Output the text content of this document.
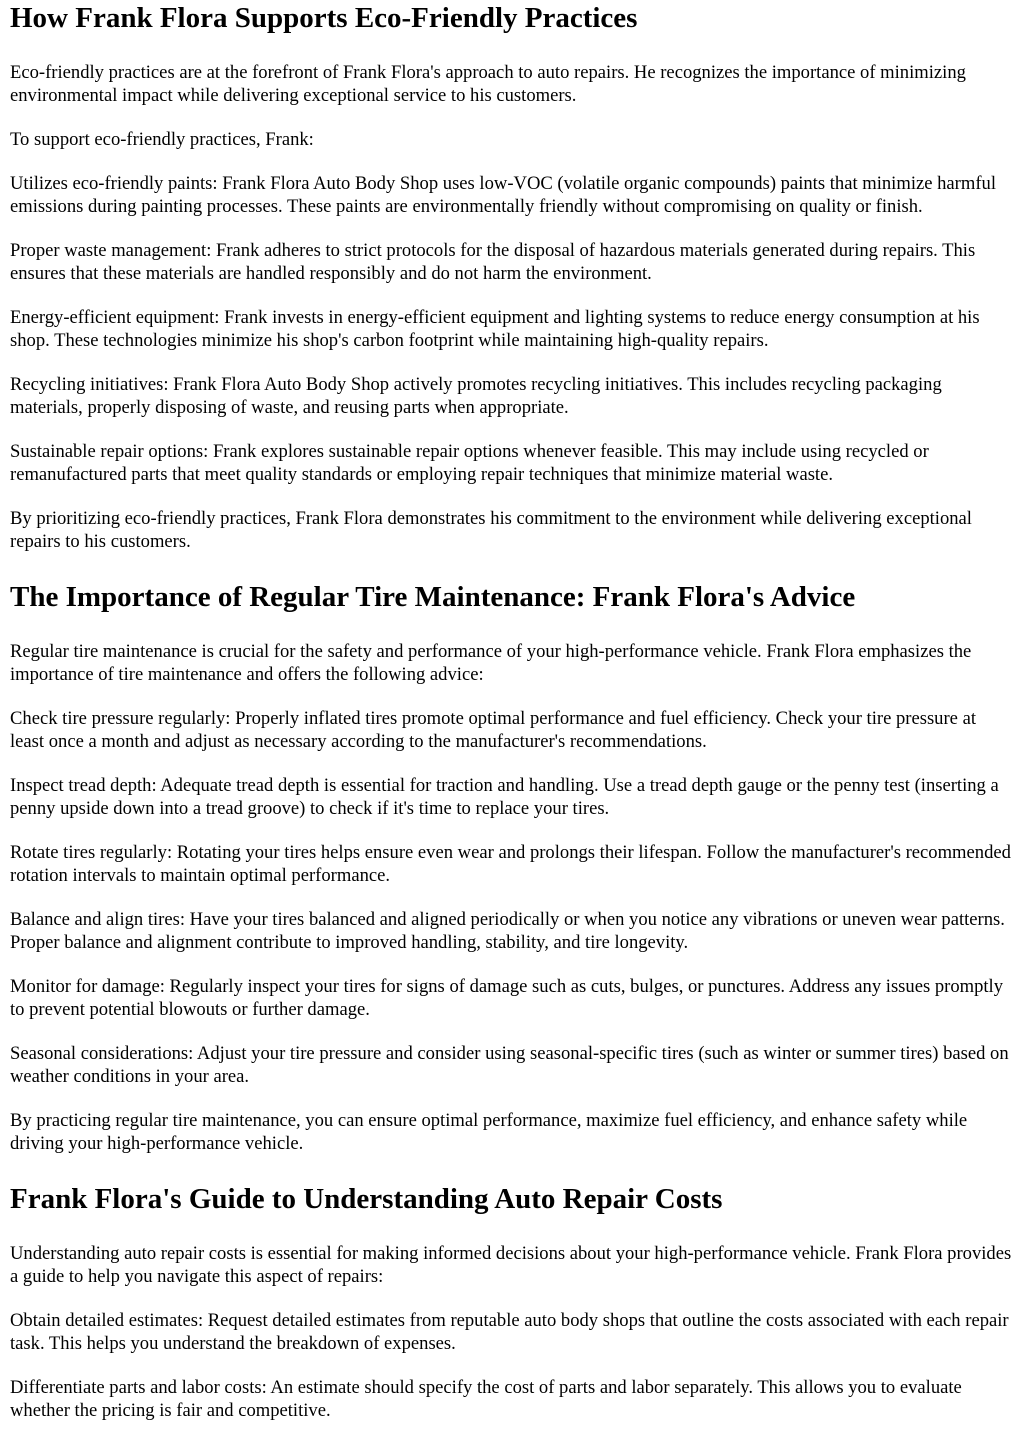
How Frank Flora Supports Eco-Friendly Practices

Eco-friendly practices are at the forefront of Frank Flora's approach to auto repairs. He recognizes the importance of minimizing environmental impact while delivering exceptional service to his customers.

To support eco-friendly practices, Frank:

Utilizes eco-friendly paints: Frank Flora Auto Body Shop uses low-VOC (volatile organic compounds) paints that minimize harmful emissions during painting processes. These paints are environmentally friendly without compromising on quality or finish.

Proper waste management: Frank adheres to strict protocols for the disposal of hazardous materials generated during repairs. This ensures that these materials are handled responsibly and do not harm the environment.

Energy-efficient equipment: Frank invests in energy-efficient equipment and lighting systems to reduce energy consumption at his shop. These technologies minimize his shop's carbon footprint while maintaining high-quality repairs.

Recycling initiatives: Frank Flora Auto Body Shop actively promotes recycling initiatives. This includes recycling packaging materials, properly disposing of waste, and reusing parts when appropriate.

Sustainable repair options: Frank explores sustainable repair options whenever feasible. This may include using recycled or remanufactured parts that meet quality standards or employing repair techniques that minimize material waste.

By prioritizing eco-friendly practices, Frank Flora demonstrates his commitment to the environment while delivering exceptional repairs to his customers.

The Importance of Regular Tire Maintenance: Frank Flora's Advice

Regular tire maintenance is crucial for the safety and performance of your high-performance vehicle. Frank Flora emphasizes the importance of tire maintenance and offers the following advice:

Check tire pressure regularly: Properly inflated tires promote optimal performance and fuel efficiency. Check your tire pressure at least once a month and adjust as necessary according to the manufacturer's recommendations.

Inspect tread depth: Adequate tread depth is essential for traction and handling. Use a tread depth gauge or the penny test (inserting a penny upside down into a tread groove) to check if it's time to replace your tires.

Rotate tires regularly: Rotating your tires helps ensure even wear and prolongs their lifespan. Follow the manufacturer's recommended rotation intervals to maintain optimal performance.

Balance and align tires: Have your tires balanced and aligned periodically or when you notice any vibrations or uneven wear patterns. Proper balance and alignment contribute to improved handling, stability, and tire longevity.

Monitor for damage: Regularly inspect your tires for signs of damage such as cuts, bulges, or punctures. Address any issues promptly to prevent potential blowouts or further damage.

Seasonal considerations: Adjust your tire pressure and consider using seasonal-specific tires (such as winter or summer tires) based on weather conditions in your area.

By practicing regular tire maintenance, you can ensure optimal performance, maximize fuel efficiency, and enhance safety while driving your high-performance vehicle.

Frank Flora's Guide to Understanding Auto Repair Costs

Understanding auto repair costs is essential for making informed decisions about your high-performance vehicle. Frank Flora provides a guide to help you navigate this aspect of repairs:

Obtain detailed estimates: Request detailed estimates from reputable auto body shops that outline the costs associated with each repair task. This helps you understand the breakdown of expenses.

Differentiate parts and labor costs: An estimate should specify the cost of parts and labor separately. This allows you to evaluate whether the pricing is fair and competitive.
